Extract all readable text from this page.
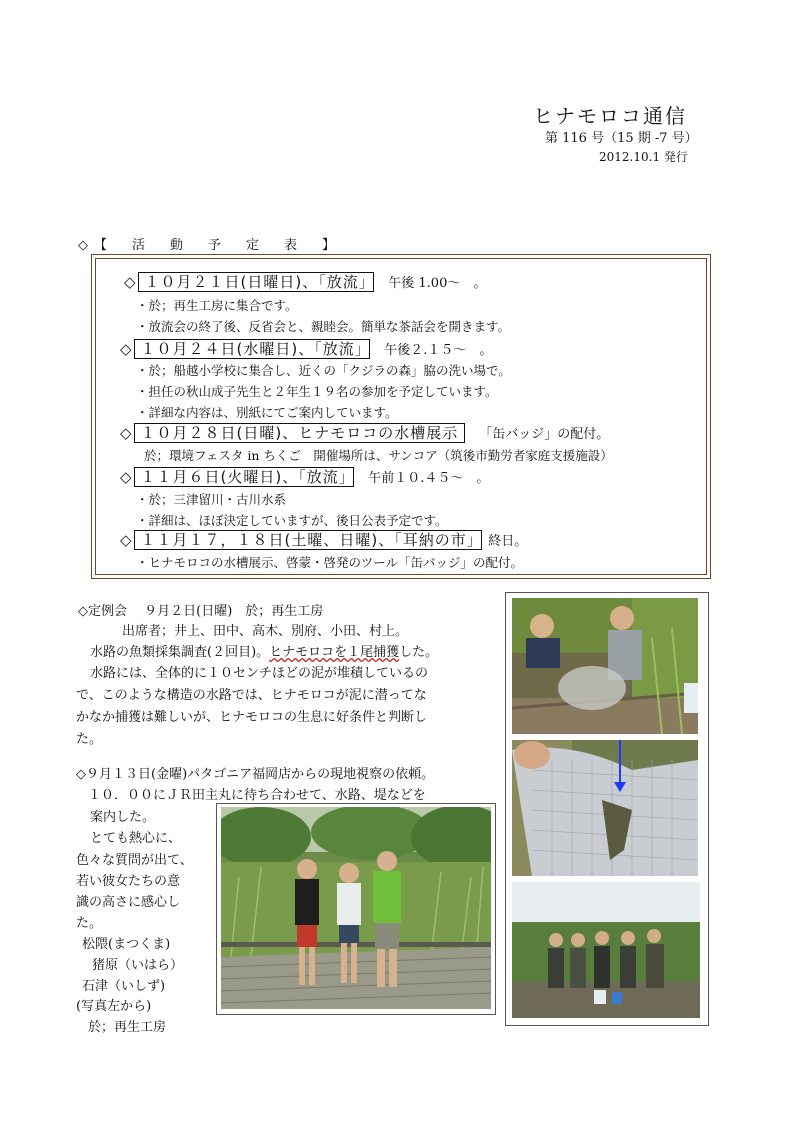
ヒナモロコ通信
第 116 号（15 期 -7 号）
2012.10.1 発行
◇【　活　動　予　定　表　】
◇ １０月２１日(日曜日)、｢放流｣ 午後 1.00～　。
・於；再生工房に集合です。
・放流会の終了後、反省会と、親睦会。簡単な茶話会を開きます。
◇ １０月２４日(水曜日)、｢放流｣ 午後２.１５～　。
・於；船越小学校に集合し、近くの「クジラの森」脇の洗い場で。
・担任の秋山成子先生と２年生１９名の参加を予定しています。
・詳細な内容は、別紙にてご案内しています。
◇ １０月２８日(日曜)、ヒナモロコの水槽展示 「缶バッジ」の配付。
於；環境フェスタ in ちくご　開催場所は、サンコア（筑後市勤労者家庭支援施設）
◇ １１月６日(火曜日)、｢放流｣ 午前１０.４５～　。
・於；三津留川・古川水系
・詳細は、ほぼ決定していますが、後日公表予定です。
◇ １１月１７，１８日(土曜、日曜)、｢耳納の市｣ 終日。
・ヒナモロコの水槽展示、啓蒙・啓発のツール「缶バッジ」の配付。
◇定例会　 ９月２日(日曜)　於；再生工房
出席者；井上、田中、高木、別府、小田、村上。
水路の魚類採集調査(２回目)。ヒナモロコを１尾捕獲した。
水路には、全体的に１０センチほどの泥が堆積しているの
で、このような構造の水路では、ヒナモロコが泥に潜ってな
かなか捕獲は難しいが、ヒナモロコの生息に好条件と判断し
た。
◇９月１３日(金曜)パタゴニア福岡店からの現地視察の依頼。
１０．００にＪＲ田主丸に待ち合わせて、水路、堤などを
案内した。
とても熱心に、
色々な質問が出て、
若い彼女たちの意
識の高さに感心し
た。
松隈(まつくま)
猪原（いはら）
石津（いしず)
(写真左から)
於；再生工房
